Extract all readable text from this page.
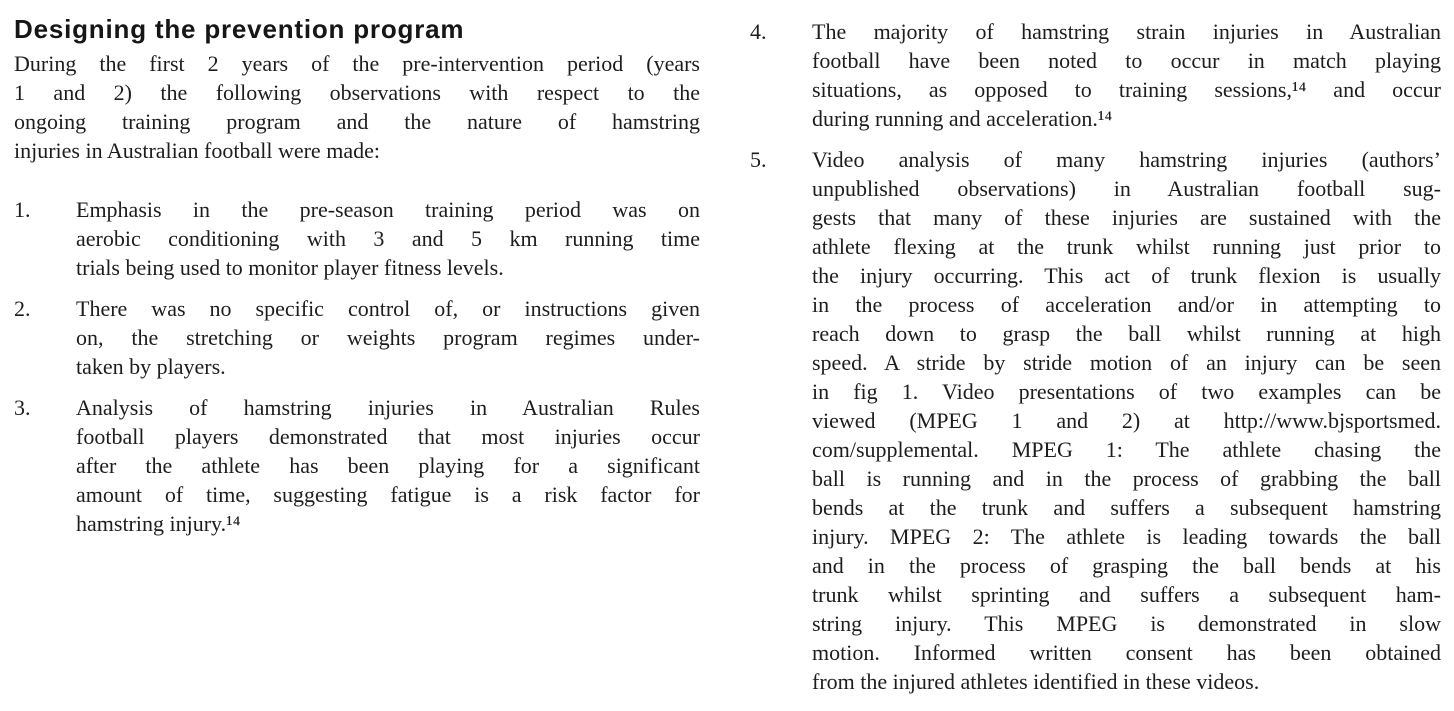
Designing the prevention program
During the first 2 years of the pre-intervention period (years
1 and 2) the following observations with respect to the
ongoing training program and the nature of hamstring
injuries in Australian football were made:
1.	Emphasis in the pre-season training period was on
aerobic conditioning with 3 and 5 km running time
trials being used to monitor player fitness levels.
2.	There was no specific control of, or instructions given
on, the stretching or weights program regimes under-
taken by players.
3.	Analysis of hamstring injuries in Australian Rules
football players demonstrated that most injuries occur
after the athlete has been playing for a significant
amount of time, suggesting fatigue is a risk factor for
hamstring injury.¹⁴
4.	The majority of hamstring strain injuries in Australian
football have been noted to occur in match playing
situations, as opposed to training sessions,¹⁴ and occur
during running and acceleration.¹⁴
5.	Video analysis of many hamstring injuries (authors’
unpublished observations) in Australian football sug-
gests that many of these injuries are sustained with the
athlete flexing at the trunk whilst running just prior to
the injury occurring. This act of trunk flexion is usually
in the process of acceleration and/or in attempting to
reach down to grasp the ball whilst running at high
speed. A stride by stride motion of an injury can be seen
in fig 1. Video presentations of two examples can be
viewed (MPEG 1 and 2) at http://www.bjsportsmed.
com/supplemental. MPEG 1: The athlete chasing the
ball is running and in the process of grabbing the ball
bends at the trunk and suffers a subsequent hamstring
injury. MPEG 2: The athlete is leading towards the ball
and in the process of grasping the ball bends at his
trunk whilst sprinting and suffers a subsequent ham-
string injury. This MPEG is demonstrated in slow
motion. Informed written consent has been obtained
from the injured athletes identified in these videos.
